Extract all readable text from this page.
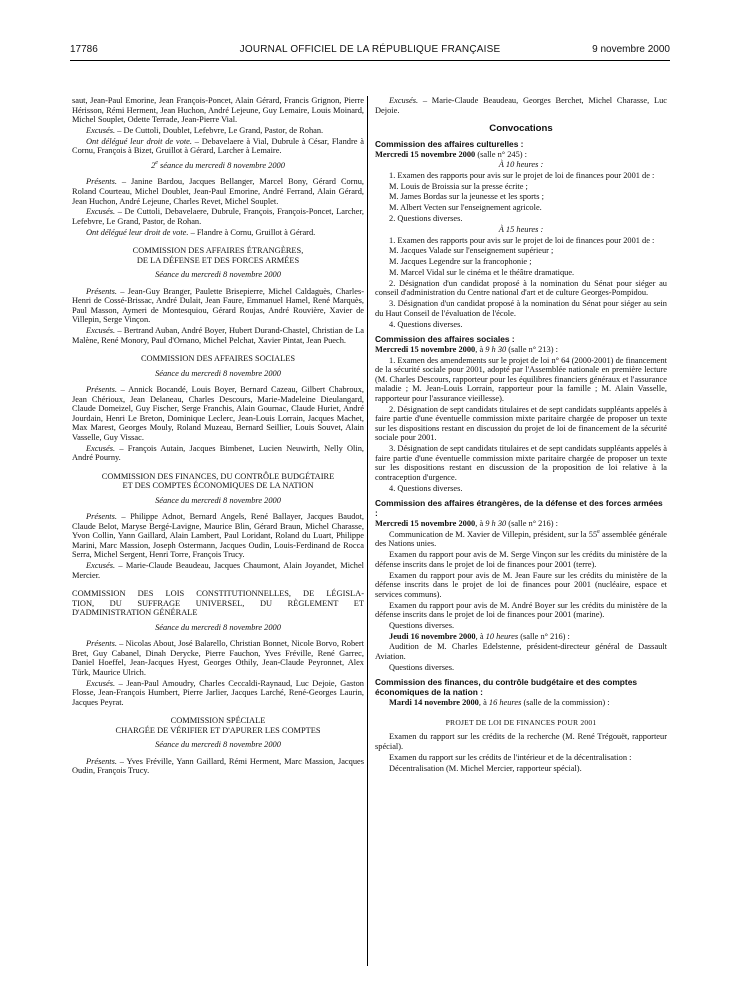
17786	JOURNAL OFFICIEL DE LA RÉPUBLIQUE FRANÇAISE	9 novembre 2000

saut, Jean-Paul Emorine, Jean François-Poncet, Alain Gérard, Francis Grignon, Pierre Hérisson, Rémi Herment, Jean Huchon, André Lejeune, Guy Lemaire, Louis Moinard, Michel Souplet, Odette Terrade, Jean-Pierre Vial.

Excusés. – De Cuttoli, Doublet, Lefebvre, Le Grand, Pastor, de Rohan.

Ont délégué leur droit de vote. – Debavelaere à Vial, Dubrule à César, Flandre à Cornu, François à Bizet, Gruillot à Gérard, Larcher à Lemaire.

2e séance du mercredi 8 novembre 2000

Présents. – Janine Bardou, Jacques Bellanger, Marcel Bony, Gérard Cornu, Roland Courteau, Michel Doublet, Jean-Paul Emorine, André Ferrand, Alain Gérard, Jean Huchon, André Lejeune, Charles Revet, Michel Souplet.

Excusés. – De Cuttoli, Debavelaere, Dubrule, François, François-Poncet, Larcher, Lefebvre, Le Grand, Pastor, de Rohan.

Ont délégué leur droit de vote. – Flandre à Cornu, Gruillot à Gérard.

COMMISSION DES AFFAIRES ÉTRANGÈRES,
DE LA DÉFENSE ET DES FORCES ARMÉES

Séance du mercredi 8 novembre 2000

Présents. – Jean-Guy Branger, Paulette Brisepierre, Michel Caldaguès, Charles-Henri de Cossé-Brissac, André Dulait, Jean Faure, Emmanuel Hamel, René Marquès, Paul Masson, Aymeri de Montesquiou, Gérard Roujas, André Rouvière, Xavier de Villepin, Serge Vinçon.

Excusés. – Bertrand Auban, André Boyer, Hubert Durand-Chastel, Christian de La Malène, René Monory, Paul d'Ornano, Michel Pelchat, Xavier Pintat, Jean Puech.

COMMISSION DES AFFAIRES SOCIALES

Séance du mercredi 8 novembre 2000

Présents. – Annick Bocandé, Louis Boyer, Bernard Cazeau, Gilbert Chabroux, Jean Chérioux, Jean Delaneau, Charles Descours, Marie-Madeleine Dieulangard, Claude Domeizel, Guy Fischer, Serge Franchis, Alain Gournac, Claude Huriet, André Jourdain, Henri Le Breton, Dominique Leclerc, Jean-Louis Lorrain, Jacques Machet, Max Marest, Georges Mouly, Roland Muzeau, Bernard Seillier, Louis Souvet, Alain Vasselle, Guy Vissac.

Excusés. – François Autain, Jacques Bimbenet, Lucien Neuwirth, Nelly Olin, André Pourny.

COMMISSION DES FINANCES, DU CONTRÔLE BUDGÉTAIRE
ET DES COMPTES ÉCONOMIQUES DE LA NATION

Séance du mercredi 8 novembre 2000

Présents. – Philippe Adnot, Bernard Angels, René Ballayer, Jacques Baudot, Claude Belot, Maryse Bergé-Lavigne, Maurice Blin, Gérard Braun, Michel Charasse, Yvon Collin, Yann Gaillard, Alain Lambert, Paul Loridant, Roland du Luart, Philippe Marini, Marc Massion, Joseph Ostermann, Jacques Oudin, Louis-Ferdinand de Rocca Serra, Michel Sergent, Henri Torre, François Trucy.

Excusés. – Marie-Claude Beaudeau, Jacques Chaumont, Alain Joyandet, Michel Mercier.

COMMISSION DES LOIS CONSTITUTIONNELLES, DE LÉGISLA-
TION, DU SUFFRAGE UNIVERSEL, DU RÈGLEMENT ET
D'ADMINISTRATION GÉNÉRALE

Séance du mercredi 8 novembre 2000

Présents. – Nicolas About, José Balarello, Christian Bonnet, Nicole Borvo, Robert Bret, Guy Cabanel, Dinah Derycke, Pierre Fauchon, Yves Fréville, René Garrec, Daniel Hoeffel, Jean-Jacques Hyest, Georges Othily, Jean-Claude Peyronnet, Alex Türk, Maurice Ulrich.

Excusés. – Jean-Paul Amoudry, Charles Ceccaldi-Raynaud, Luc Dejoie, Gaston Flosse, Jean-François Humbert, Pierre Jarlier, Jacques Larché, René-Georges Laurin, Jacques Peyrat.

COMMISSION SPÉCIALE
CHARGÉE DE VÉRIFIER ET D'APURER LES COMPTES

Séance du mercredi 8 novembre 2000

Présents. – Yves Fréville, Yann Gaillard, Rémi Herment, Marc Massion, Jacques Oudin, François Trucy.

Excusés. – Marie-Claude Beaudeau, Georges Berchet, Michel Charasse, Luc Dejoie.

Convocations
Commission des affaires culturelles :

Mercredi 15 novembre 2000 (salle n° 245) :

À 10 heures :

1. Examen des rapports pour avis sur le projet de loi de finances pour 2001 de :

M. Louis de Broissia sur la presse écrite ;

M. James Bordas sur la jeunesse et les sports ;

M. Albert Vecten sur l'enseignement agricole.

2. Questions diverses.

À 15 heures :

1. Examen des rapports pour avis sur le projet de loi de finances pour 2001 de :

M. Jacques Valade sur l'enseignement supérieur ;

M. Jacques Legendre sur la francophonie ;

M. Marcel Vidal sur le cinéma et le théâtre dramatique.

2. Désignation d'un candidat proposé à la nomination du Sénat pour siéger au conseil d'administration du Centre national d'art et de culture Georges-Pompidou.

3. Désignation d'un candidat proposé à la nomination du Sénat pour siéger au sein du Haut Conseil de l'évaluation de l'école.

4. Questions diverses.

Commission des affaires sociales :

Mercredi 15 novembre 2000, à 9 h 30 (salle n° 213) :

1. Examen des amendements sur le projet de loi n° 64 (2000-2001) de financement de la sécurité sociale pour 2001, adopté par l'Assemblée nationale en première lecture (M. Charles Descours, rapporteur pour les équilibres financiers généraux et l'assurance maladie ; M. Jean-Louis Lorrain, rapporteur pour la famille ; M. Alain Vasselle, rapporteur pour l'assurance vieillesse).

2. Désignation de sept candidats titulaires et de sept candidats suppléants appelés à faire partie d'une éventuelle commission mixte paritaire chargée de proposer un texte sur les dispositions restant en discussion du projet de loi de financement de la sécurité sociale pour 2001.

3. Désignation de sept candidats titulaires et de sept candidats suppléants appelés à faire partie d'une éventuelle commission mixte paritaire chargée de proposer un texte sur les dispositions restant en discussion de la proposition de loi relative à la contraception d'urgence.

4. Questions diverses.

Commission des affaires étrangères, de la défense et des forces armées :

Mercredi 15 novembre 2000, à 9 h 30 (salle n° 216) :

Communication de M. Xavier de Villepin, président, sur la 55e assemblée générale des Nations unies.

Examen du rapport pour avis de M. Serge Vinçon sur les crédits du ministère de la défense inscrits dans le projet de loi de finances pour 2001 (terre).

Examen du rapport pour avis de M. Jean Faure sur les crédits du ministère de la défense inscrits dans le projet de loi de finances pour 2001 (nucléaire, espace et services communs).

Examen du rapport pour avis de M. André Boyer sur les crédits du ministère de la défense inscrits dans le projet de loi de finances pour 2001 (marine).

Questions diverses.

Jeudi 16 novembre 2000, à 10 heures (salle n° 216) :

Audition de M. Charles Edelstenne, président-directeur général de Dassault Aviation.

Questions diverses.

Commission des finances, du contrôle budgétaire et des comptes économiques de la nation :

Mardi 14 novembre 2000, à 16 heures (salle de la commission) :

PROJET DE LOI DE FINANCES POUR 2001

Examen du rapport sur les crédits de la recherche (M. René Trégouët, rapporteur spécial).

Examen du rapport sur les crédits de l'intérieur et de la décentralisation :

Décentralisation (M. Michel Mercier, rapporteur spécial).
